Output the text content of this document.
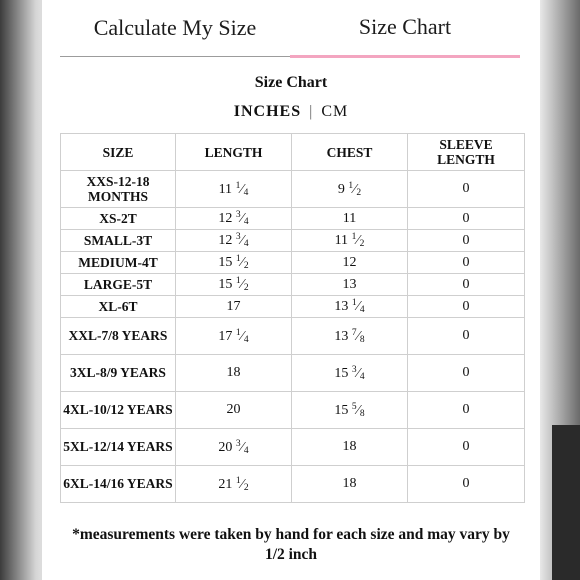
Calculate My Size	Size Chart
Size Chart
INCHES | CM
SIZE	LENGTH	CHEST	SLEEVE LENGTH
XXS-12-18 MONTHS	11 $^1⁄_4$	9 $^1⁄_2$	0
XS-2T	12 $^3⁄_4$	11	0
SMALL-3T	12 $^3⁄_4$	11 $^1⁄_2$	0
MEDIUM-4T	15 $^1⁄_2$	12	0
LARGE-5T	15 $^1⁄_2$	13	0
XL-6T	17	13 $^1⁄_4$	0
XXL-7/8 YEARS	17 $^1⁄_4$	13 $^7⁄_8$	0
3XL-8/9 YEARS	18	15 $^3⁄_4$	0
4XL-10/12 YEARS	20	15 $^5⁄_8$	0
5XL-12/14 YEARS	20 $^3⁄_4$	18	0
6XL-14/16 YEARS	21 $^1⁄_2$	18	0
*measurements were taken by hand for each size and may vary by 1/2 inch
